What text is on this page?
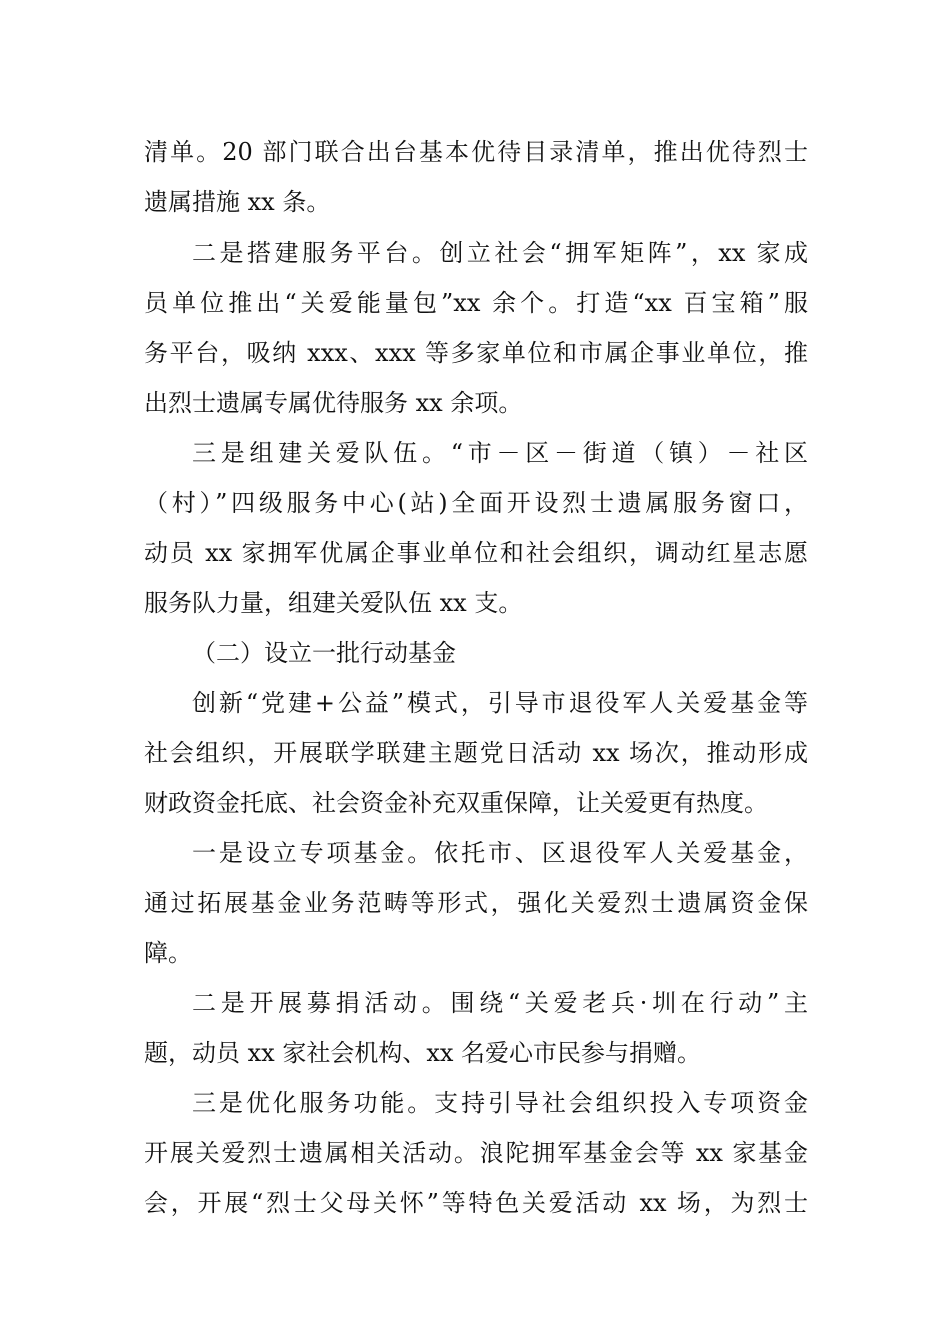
清单。20 部门联合出台基本优待目录清单，推出优待烈士
遗属措施 xx 条。
二是搭建服务平台。创立社会“拥军矩阵”，xx 家成
员单位推出“关爱能量包”xx 余个。打造“xx 百宝箱”服
务平台，吸纳 xxx、xxx 等多家单位和市属企事业单位，推
出烈士遗属专属优待服务 xx 余项。
三是组建关爱队伍。“市－区－街道（镇）－社区
（村）”四级服务中心(站)全面开设烈士遗属服务窗口，
动员 xx 家拥军优属企事业单位和社会组织，调动红星志愿
服务队力量，组建关爱队伍 xx 支。
（二）设立一批行动基金
创新“党建+公益”模式，引导市退役军人关爱基金等
社会组织，开展联学联建主题党日活动 xx 场次，推动形成
财政资金托底、社会资金补充双重保障，让关爱更有热度。
一是设立专项基金。依托市、区退役军人关爱基金，
通过拓展基金业务范畴等形式，强化关爱烈士遗属资金保
障。
二是开展募捐活动。围绕“关爱老兵·圳在行动”主
题，动员 xx 家社会机构、xx 名爱心市民参与捐赠。
三是优化服务功能。支持引导社会组织投入专项资金
开展关爱烈士遗属相关活动。浪陀拥军基金会等 xx 家基金
会，开展“烈士父母关怀”等特色关爱活动 xx 场，为烈士
